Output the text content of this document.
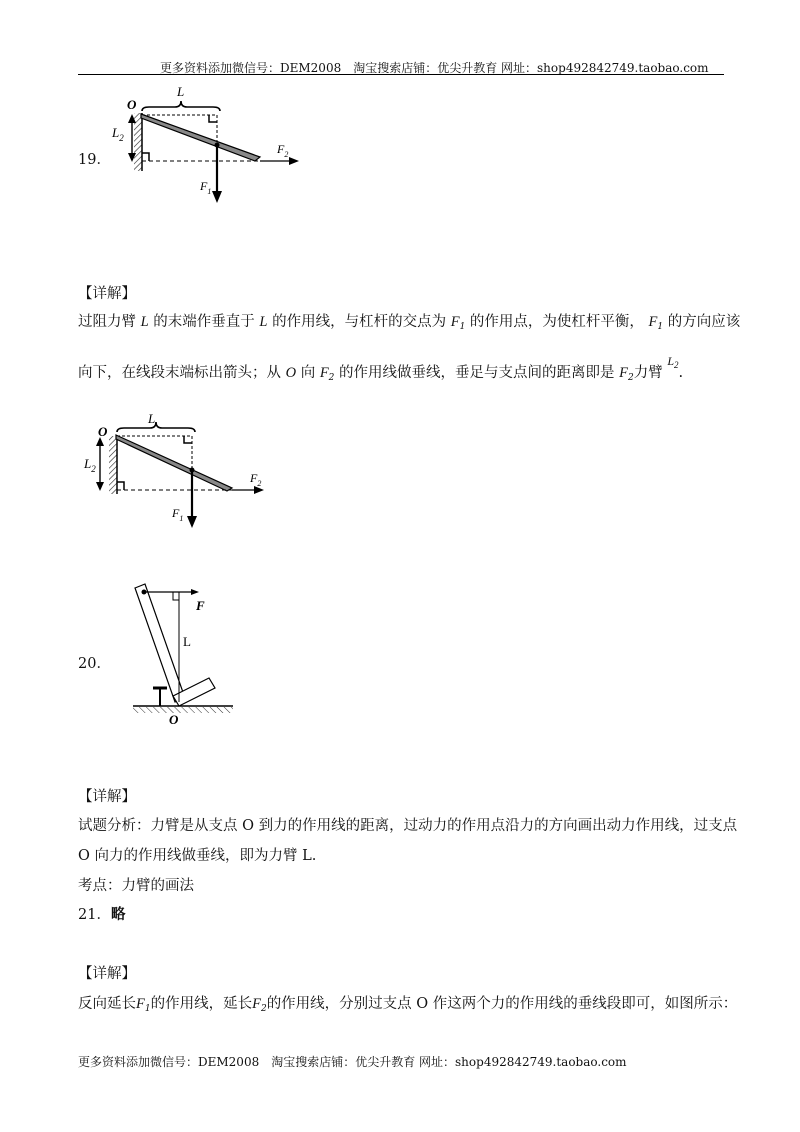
更多资料添加微信号：DEM2008　淘宝搜索店铺：优尖升教育 网址：shop492842749.taobao.com
19．
O
L
$L_2$
$F_1$
$F_2$
【详解】
过阻力臂 L 的末端作垂直于 L 的作用线，与杠杆的交点为 $F_1$ 的作用点，为使杠杆平衡， $F_1$ 的方向应该
向下，在线段末端标出箭头；从 O 向 $F_2$ 的作用线做垂线，垂足与支点间的距离即是 $F_2$力臂 $^{L_2}$.
O
L
$L_2$
$F_1$
$F_2$
20．
F
L
O
【详解】
试题分析：力臂是从支点 O 到力的作用线的距离，过动力的作用点沿力的方向画出动力作用线，过支点
O 向力的作用线做垂线，即为力臂 L.
考点：力臂的画法
21．略
【详解】
反向延长$F_1$的作用线，延长$F_2$的作用线，分别过支点 O 作这两个力的作用线的垂线段即可，如图所示：
更多资料添加微信号：DEM2008　淘宝搜索店铺：优尖升教育 网址：shop492842749.taobao.com
